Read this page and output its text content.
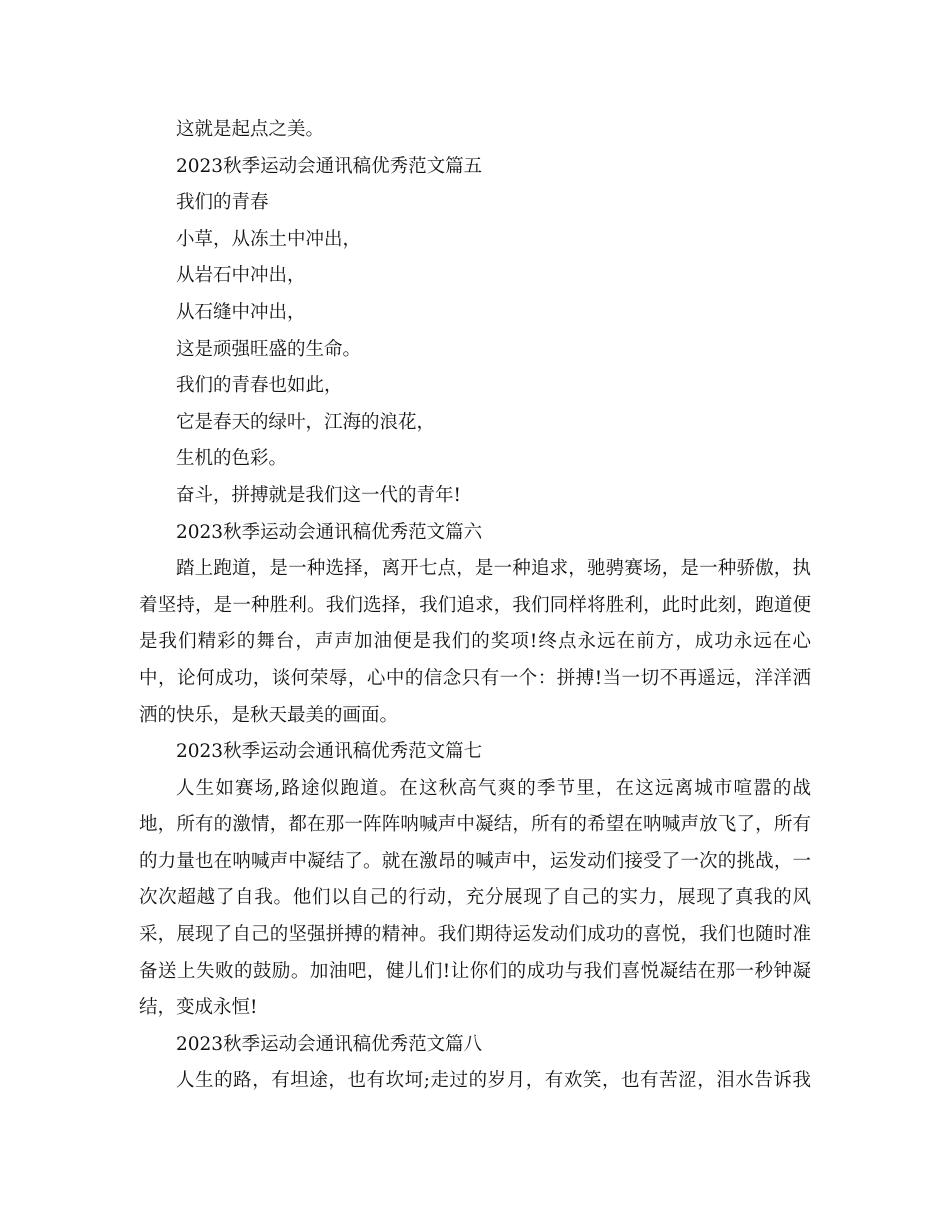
这就是起点之美。
2023秋季运动会通讯稿优秀范文篇五
我们的青春
小草，从冻土中冲出，
从岩石中冲出，
从石缝中冲出，
这是顽强旺盛的生命。
我们的青春也如此，
它是春天的绿叶，江海的浪花，
生机的色彩。
奋斗，拼搏就是我们这一代的青年!
2023秋季运动会通讯稿优秀范文篇六
踏上跑道，是一种选择，离开七点，是一种追求，驰骋赛场，是一种骄傲，执
着坚持，是一种胜利。我们选择，我们追求，我们同样将胜利，此时此刻，跑道便
是我们精彩的舞台，声声加油便是我们的奖项!终点永远在前方，成功永远在心
中，论何成功，谈何荣辱，心中的信念只有一个：拼搏!当一切不再遥远，洋洋洒
洒的快乐，是秋天最美的画面。
2023秋季运动会通讯稿优秀范文篇七
人生如赛场,路途似跑道。在这秋高气爽的季节里，在这远离城市喧嚣的战
地，所有的激情，都在那一阵阵呐喊声中凝结，所有的希望在呐喊声放飞了，所有
的力量也在呐喊声中凝结了。就在激昂的喊声中，运发动们接受了一次的挑战，一
次次超越了自我。他们以自己的行动，充分展现了自己的实力，展现了真我的风
采，展现了自己的坚强拼搏的精神。我们期待运发动们成功的喜悦，我们也随时准
备送上失败的鼓励。加油吧，健儿们!让你们的成功与我们喜悦凝结在那一秒钟凝
结，变成永恒!
2023秋季运动会通讯稿优秀范文篇八
人生的路，有坦途，也有坎坷;走过的岁月，有欢笑，也有苦涩，泪水告诉我
